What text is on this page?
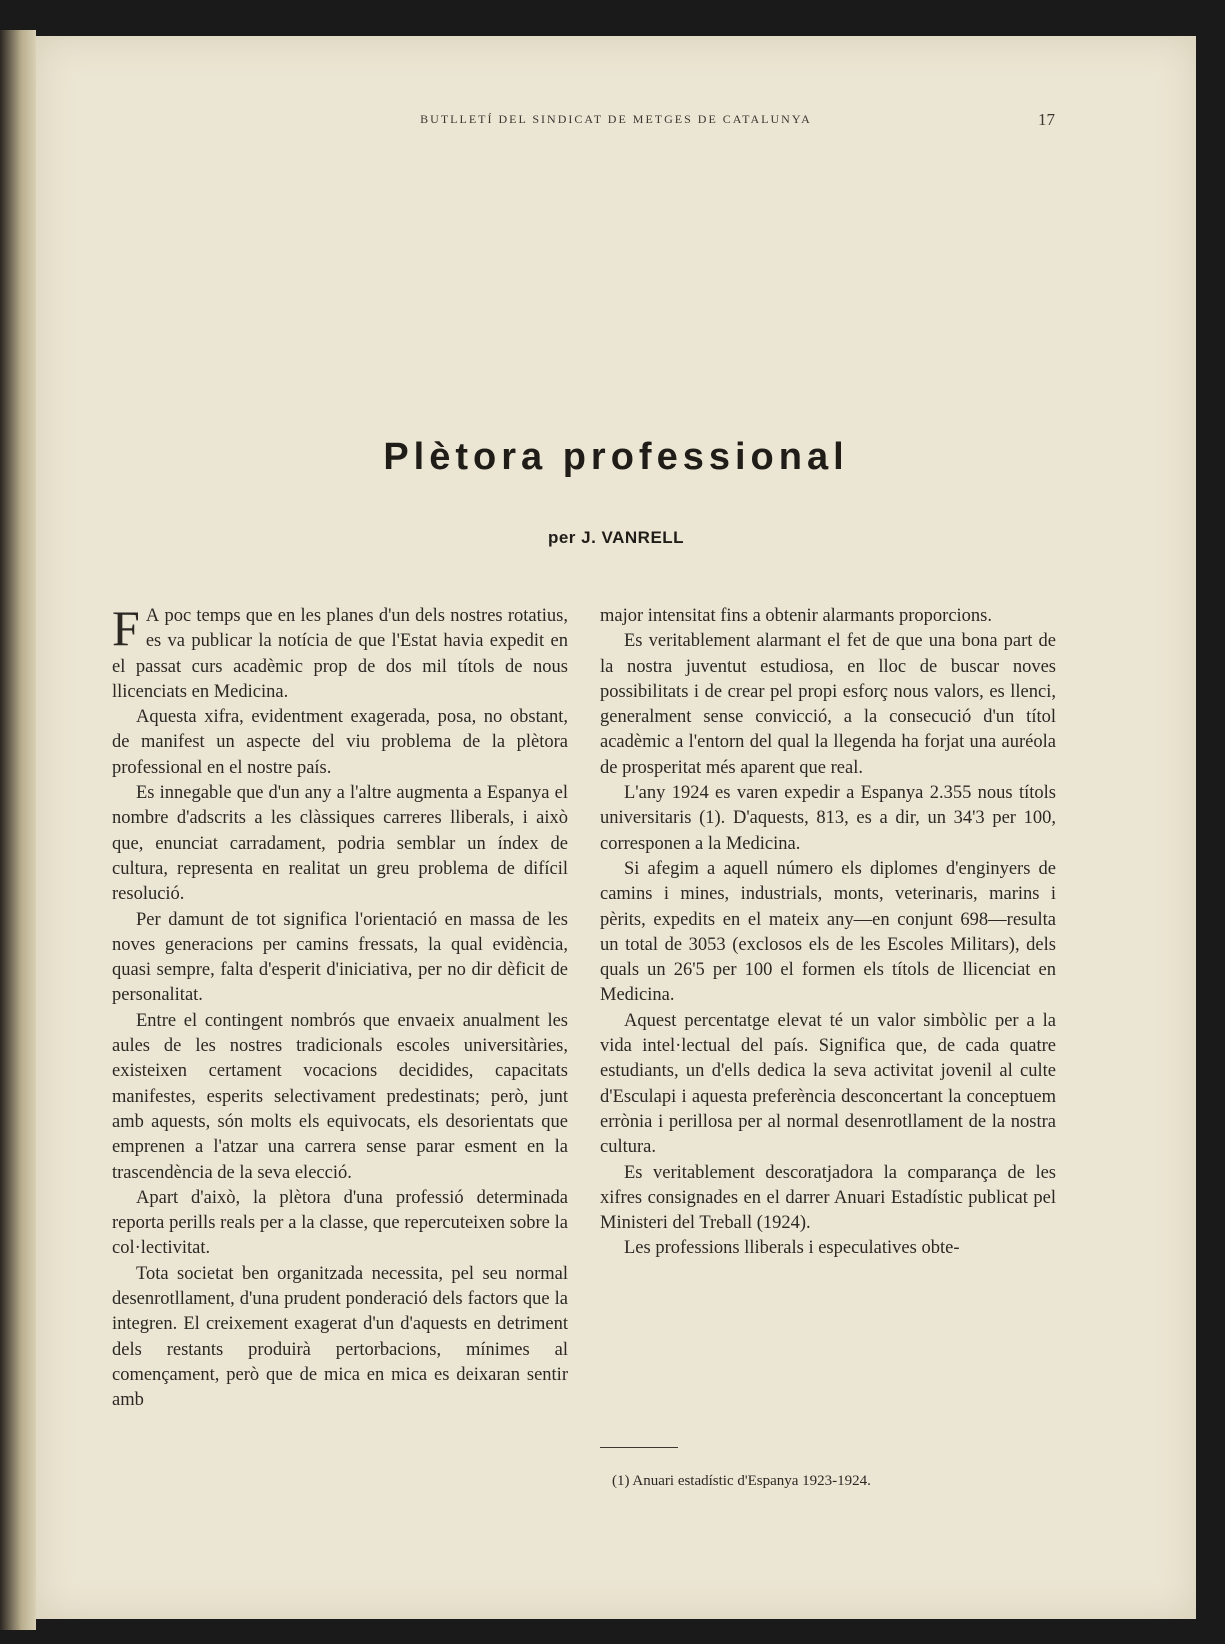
BUTLLETÍ DEL SINDICAT DE METGES DE CATALUNYA	17
Plètora professional
per J. VANRELL

F A poc temps que en les planes d'un dels nostres rotatius, es va publicar la notícia de que l'Estat havia expedit en el passat curs acadèmic prop de dos mil títols de nous llicenciats en Medicina.

Aquesta xifra, evidentment exagerada, posa, no obstant, de manifest un aspecte del viu problema de la plètora professional en el nostre país.

Es innegable que d'un any a l'altre augmenta a Espanya el nombre d'adscrits a les clàssiques carreres lliberals, i això que, enunciat carradament, podria semblar un índex de cultura, representa en realitat un greu problema de difícil resolució.

Per damunt de tot significa l'orientació en massa de les noves generacions per camins fressats, la qual evidència, quasi sempre, falta d'esperit d'iniciativa, per no dir dèficit de personalitat.

Entre el contingent nombrós que envaeix anualment les aules de les nostres tradicionals escoles universitàries, existeixen certament vocacions decidides, capacitats manifestes, esperits selectivament predestinats; però, junt amb aquests, són molts els equivocats, els desorientats que emprenen a l'atzar una carrera sense parar esment en la trascendència de la seva elecció.

Apart d'això, la plètora d'una professió determinada reporta perills reals per a la classe, que repercuteixen sobre la col·lectivitat.

Tota societat ben organitzada necessita, pel seu normal desenrotllament, d'una prudent ponderació dels factors que la integren. El creixement exagerat d'un d'aquests en detriment dels restants produirà pertorbacions, mínimes al començament, però que de mica en mica es deixaran sentir amb

major intensitat fins a obtenir alarmants proporcions.

Es veritablement alarmant el fet de que una bona part de la nostra juventut estudiosa, en lloc de buscar noves possibilitats i de crear pel propi esforç nous valors, es llenci, generalment sense convicció, a la consecució d'un títol acadèmic a l'entorn del qual la llegenda ha forjat una auréola de prosperitat més aparent que real.

L'any 1924 es varen expedir a Espanya 2.355 nous títols universitaris (1). D'aquests, 813, es a dir, un 34'3 per 100, corresponen a la Medicina.

Si afegim a aquell número els diplomes d'enginyers de camins i mines, industrials, monts, veterinaris, marins i pèrits, expedits en el mateix any—en conjunt 698—resulta un total de 3053 (exclosos els de les Escoles Militars), dels quals un 26'5 per 100 el formen els títols de llicenciat en Medicina.

Aquest percentatge elevat té un valor simbòlic per a la vida intel·lectual del país. Significa que, de cada quatre estudiants, un d'ells dedica la seva activitat jovenil al culte d'Esculapi i aquesta preferència desconcertant la conceptuem errònia i perillosa per al normal desenrotllament de la nostra cultura.

Es veritablement descoratjadora la comparança de les xifres consignades en el darrer Anuari Estadístic publicat pel Ministeri del Treball (1924).

Les professions lliberals i especulatives obte-

(1) Anuari estadístic d'Espanya 1923-1924.
